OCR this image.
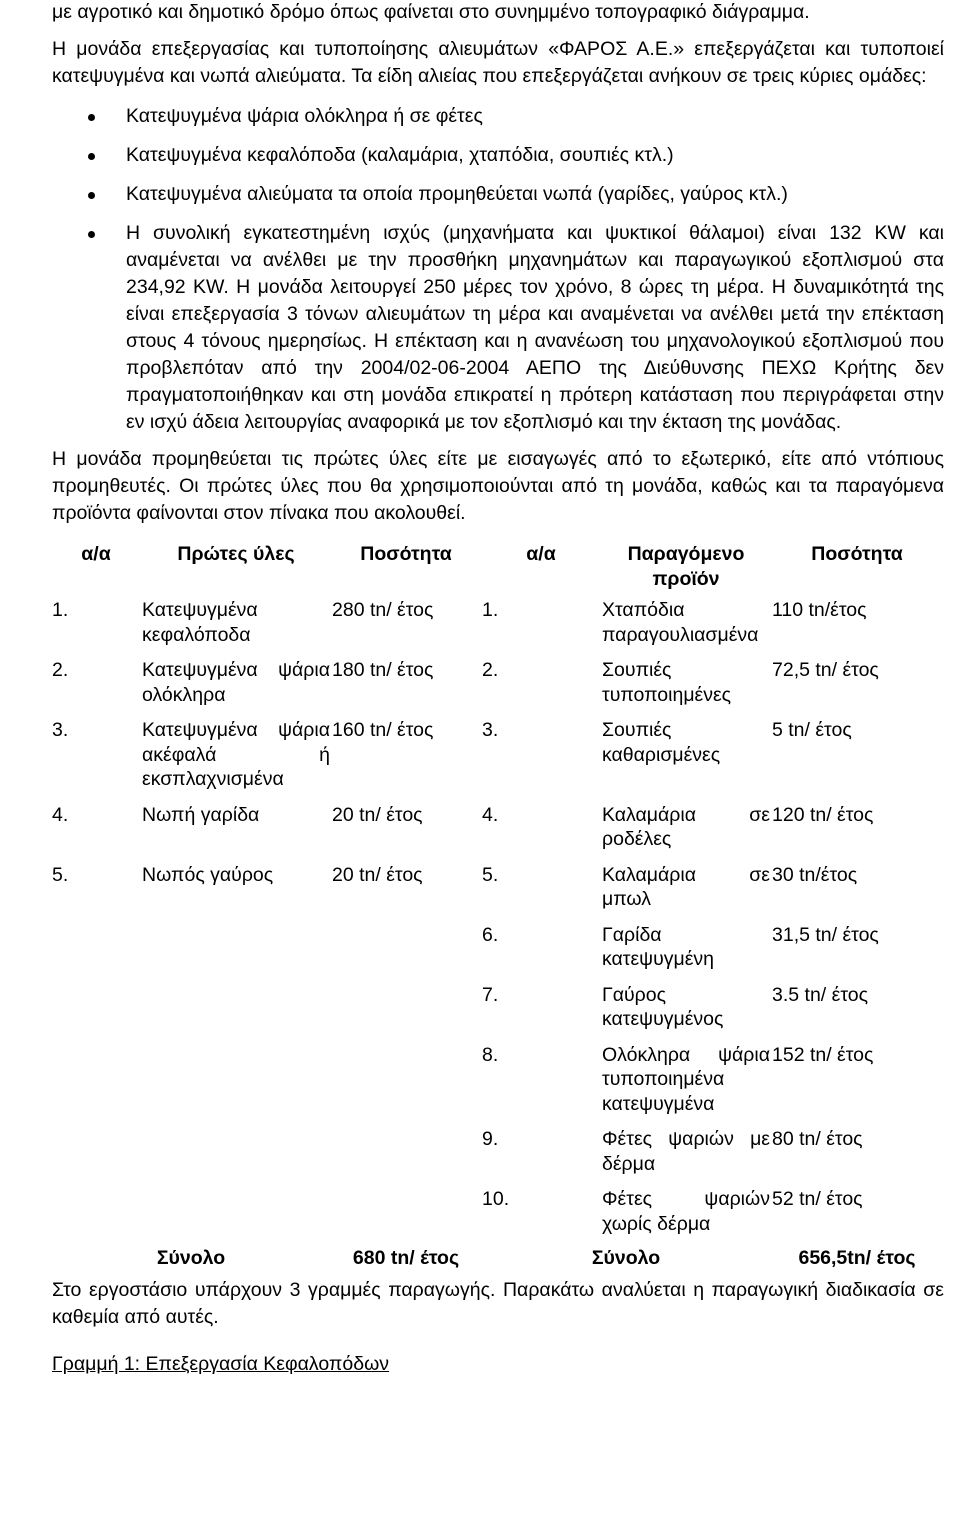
με αγροτικό και δημοτικό δρόμο όπως φαίνεται στο συνημμένο τοπογραφικό διάγραμμα.

Η μονάδα επεξεργασίας και τυποποίησης αλιευμάτων «ΦΑΡΟΣ Α.Ε.» επεξεργάζεται και τυποποιεί κατεψυγμένα και νωπά αλιεύματα. Τα είδη αλιείας που επεξεργάζεται ανήκουν σε τρεις κύριες ομάδες:

Κατεψυγμένα ψάρια ολόκληρα ή σε φέτες
Κατεψυγμένα κεφαλόποδα (καλαμάρια, χταπόδια, σουπιές κτλ.)
Κατεψυγμένα αλιεύματα τα οποία προμηθεύεται νωπά (γαρίδες, γαύρος κτλ.)
Η συνολική εγκατεστημένη ισχύς (μηχανήματα και ψυκτικοί θάλαμοι) είναι 132 KW και αναμένεται να ανέλθει με την προσθήκη μηχανημάτων και παραγωγικού εξοπλισμού στα 234,92 KW. Η μονάδα λειτουργεί 250 μέρες τον χρόνο, 8 ώρες τη μέρα. Η δυναμικότητά της είναι επεξεργασία 3 τόνων αλιευμάτων τη μέρα και αναμένεται να ανέλθει μετά την επέκταση στους 4 τόνους ημερησίως. Η επέκταση και η ανανέωση του μηχανολογικού εξοπλισμού που προβλεπόταν από την 2004/02-06-2004 ΑΕΠΟ της Διεύθυνσης ΠΕΧΩ Κρήτης δεν πραγματοποιήθηκαν και στη μονάδα επικρατεί η πρότερη κατάσταση που περιγράφεται στην εν ισχύ άδεια λειτουργίας αναφορικά με τον εξοπλισμό και την έκταση της μονάδας.

Η μονάδα προμηθεύεται τις πρώτες ύλες είτε με εισαγωγές από το εξωτερικό, είτε από ντόπιους προμηθευτές. Οι πρώτες ύλες που θα χρησιμοποιούνται από τη μονάδα, καθώς και τα παραγόμενα προϊόντα φαίνονται στον πίνακα που ακολουθεί.

α/α	Πρώτες ύλες	Ποσότητα	α/α	Παραγόμενο προϊόν	Ποσότητα
1.	Κατεψυγμένα κεφαλόποδα	280 tn/ έτος	1.	Χταπόδια παραγουλιασμένα	110 tn/έτος
2.	Κατεψυγμένα ψάρια ολόκληρα	180 tn/ έτος	2.	Σουπιές τυποποιημένες	72,5 tn/ έτος
3.	Κατεψυγμένα ψάρια ακέφαλά ή εκσπλαχνισμένα	160 tn/ έτος	3.	Σουπιές καθαρισμένες	5 tn/ έτος
4.	Νωπή γαρίδα	20 tn/ έτος	4.	Καλαμάρια σε ροδέλες	120 tn/ έτος
5.	Νωπός γαύρος	20 tn/ έτος	5.	Καλαμάρια σε μπωλ	30 tn/έτος
			6.	Γαρίδα κατεψυγμένη	31,5 tn/ έτος
			7.	Γαύρος κατεψυγμένος	3.5 tn/ έτος
			8.	Ολόκληρα ψάρια τυποποιημένα κατεψυγμένα	152 tn/ έτος
			9.	Φέτες ψαριών με δέρμα	80 tn/ έτος
			10.	Φέτες ψαριών χωρίς δέρμα	52 tn/ έτος
Σύνολο		680 tn/ έτος	Σύνολο		656,5tn/ έτος

Στο εργοστάσιο υπάρχουν 3 γραμμές παραγωγής. Παρακάτω αναλύεται η παραγωγική διαδικασία σε καθεμία από αυτές.

Γραμμή 1: Επεξεργασία Κεφαλοπόδων
